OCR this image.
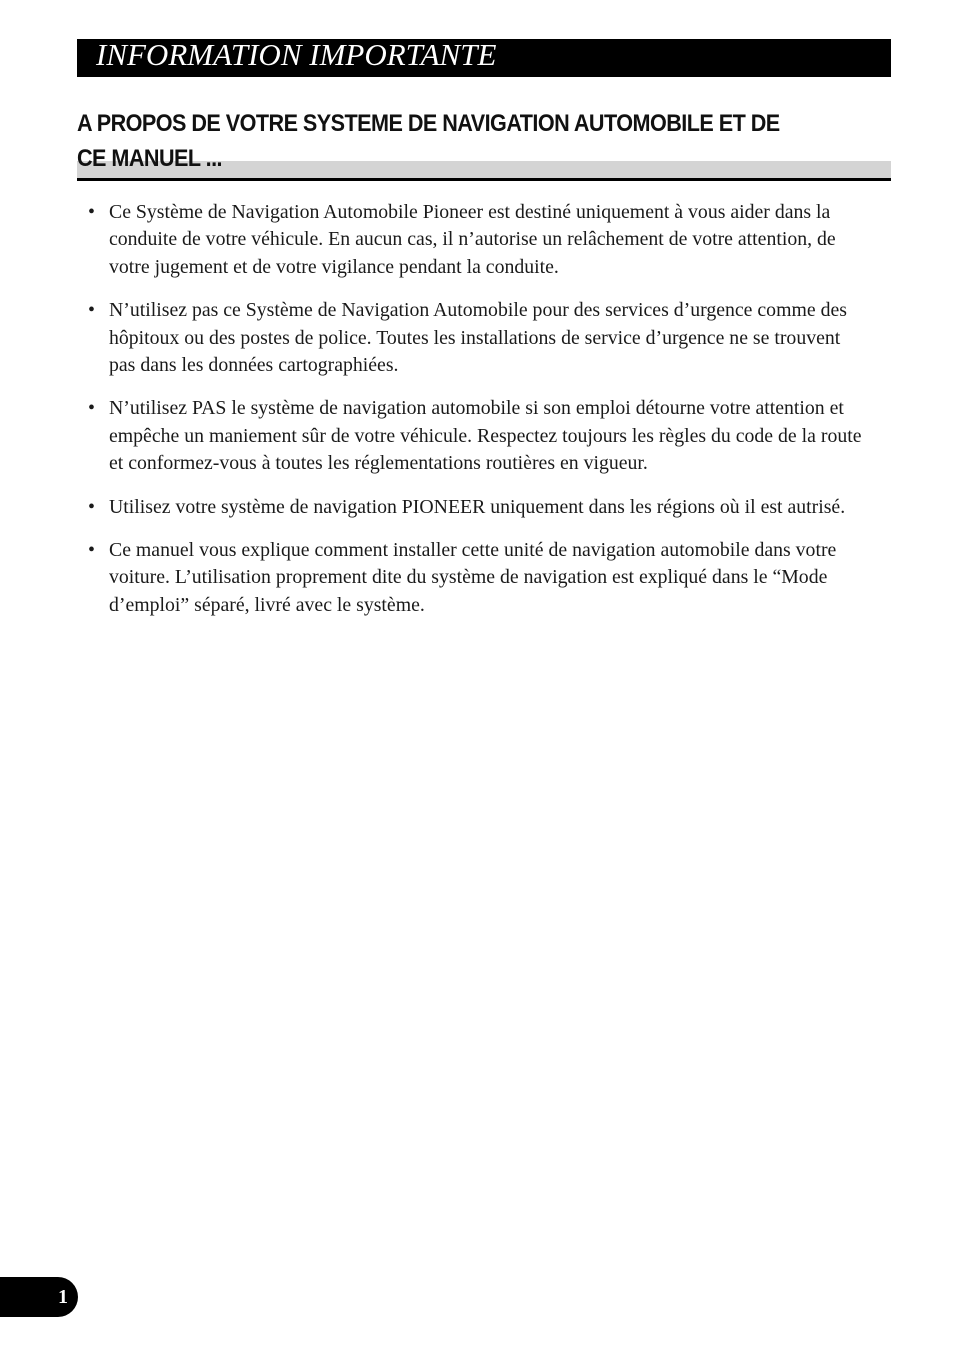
INFORMATION IMPORTANTE
A PROPOS DE VOTRE SYSTEME DE NAVIGATION AUTOMOBILE ET DE CE MANUEL ...
• Ce Système de Navigation Automobile Pioneer est destiné uniquement à vous aider dans la conduite de votre véhicule. En aucun cas, il n’autorise un relâchement de votre attention, de votre jugement et de votre vigilance pendant la conduite.
• N’utilisez pas ce Système de Navigation Automobile pour des services d’urgence comme des hôpitoux ou des postes de police. Toutes les installations de service d’urgence ne se trouvent pas dans les données cartographiées.
• N’utilisez PAS le système de navigation automobile si son emploi détourne votre attention et empêche un maniement sûr de votre véhicule. Respectez toujours les règles du code de la route et conformez-vous à toutes les réglementations routières en vigueur.
• Utilisez votre système de navigation PIONEER uniquement dans les régions où il est autrisé.
• Ce manuel vous explique comment installer cette unité de navigation automobile dans votre voiture. L’utilisation proprement dite du système de navigation est expliqué dans le “Mode d’emploi” séparé, livré avec le système.
1
